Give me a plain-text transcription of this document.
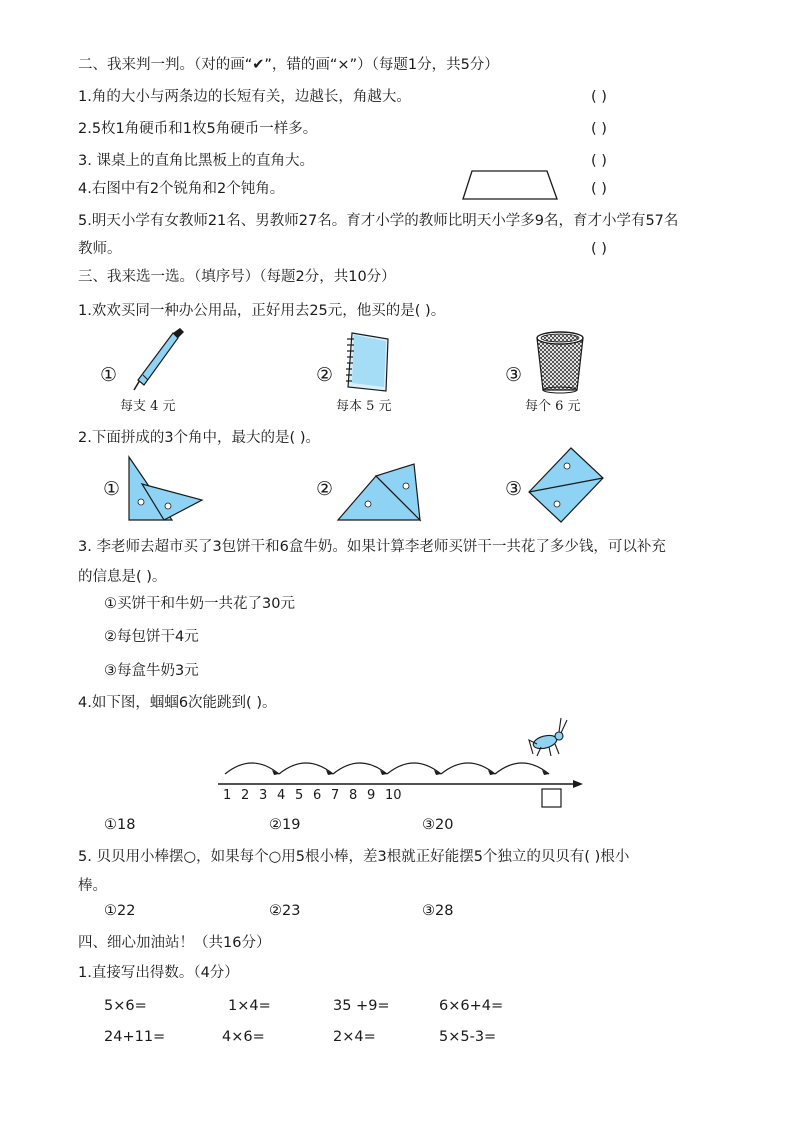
二、我来判一判。（对的画“✔”，错的画“×”）（每题1分，共5分）
1.角的大小与两条边的长短有关，边越长，角越大。	( )
2.5枚1角硬币和1枚5角硬币一样多。	( )
3. 课桌上的直角比黑板上的直角大。	( )
4.右图中有2个锐角和2个钝角。	( )
5.明天小学有女教师21名、男教师27名。育才小学的教师比明天小学多9名，育才小学有57名
教师。	( )
三、我来选一选。（填序号）（每题2分，共10分）
1.欢欢买同一种办公用品，正好用去25元，他买的是( )。
①
每支 4 元
②
每本 5 元
③
每个 6 元
2.下面拼成的3个角中，最大的是( )。
①	②	③
3. 李老师去超市买了3包饼干和6盒牛奶。如果计算李老师买饼干一共花了多少钱，可以补充
的信息是( )。
①买饼干和牛奶一共花了30元
②每包饼干4元
③每盒牛奶3元
4.如下图，蝈蝈6次能跳到( )。
1 2 3 4 5 6 7 8 9 10
①18	②19	③20
5. 贝贝用小棒摆○，如果每个○用5根小棒，差3根就正好能摆5个独立的贝贝有( )根小
棒。
①22	②23	③28
四、细心加油站！（共16分）
1.直接写出得数。（4分）
5×6=	1×4=	35 +9=	6×6+4=
24+11=	4×6=	2×4=	5×5-3=
